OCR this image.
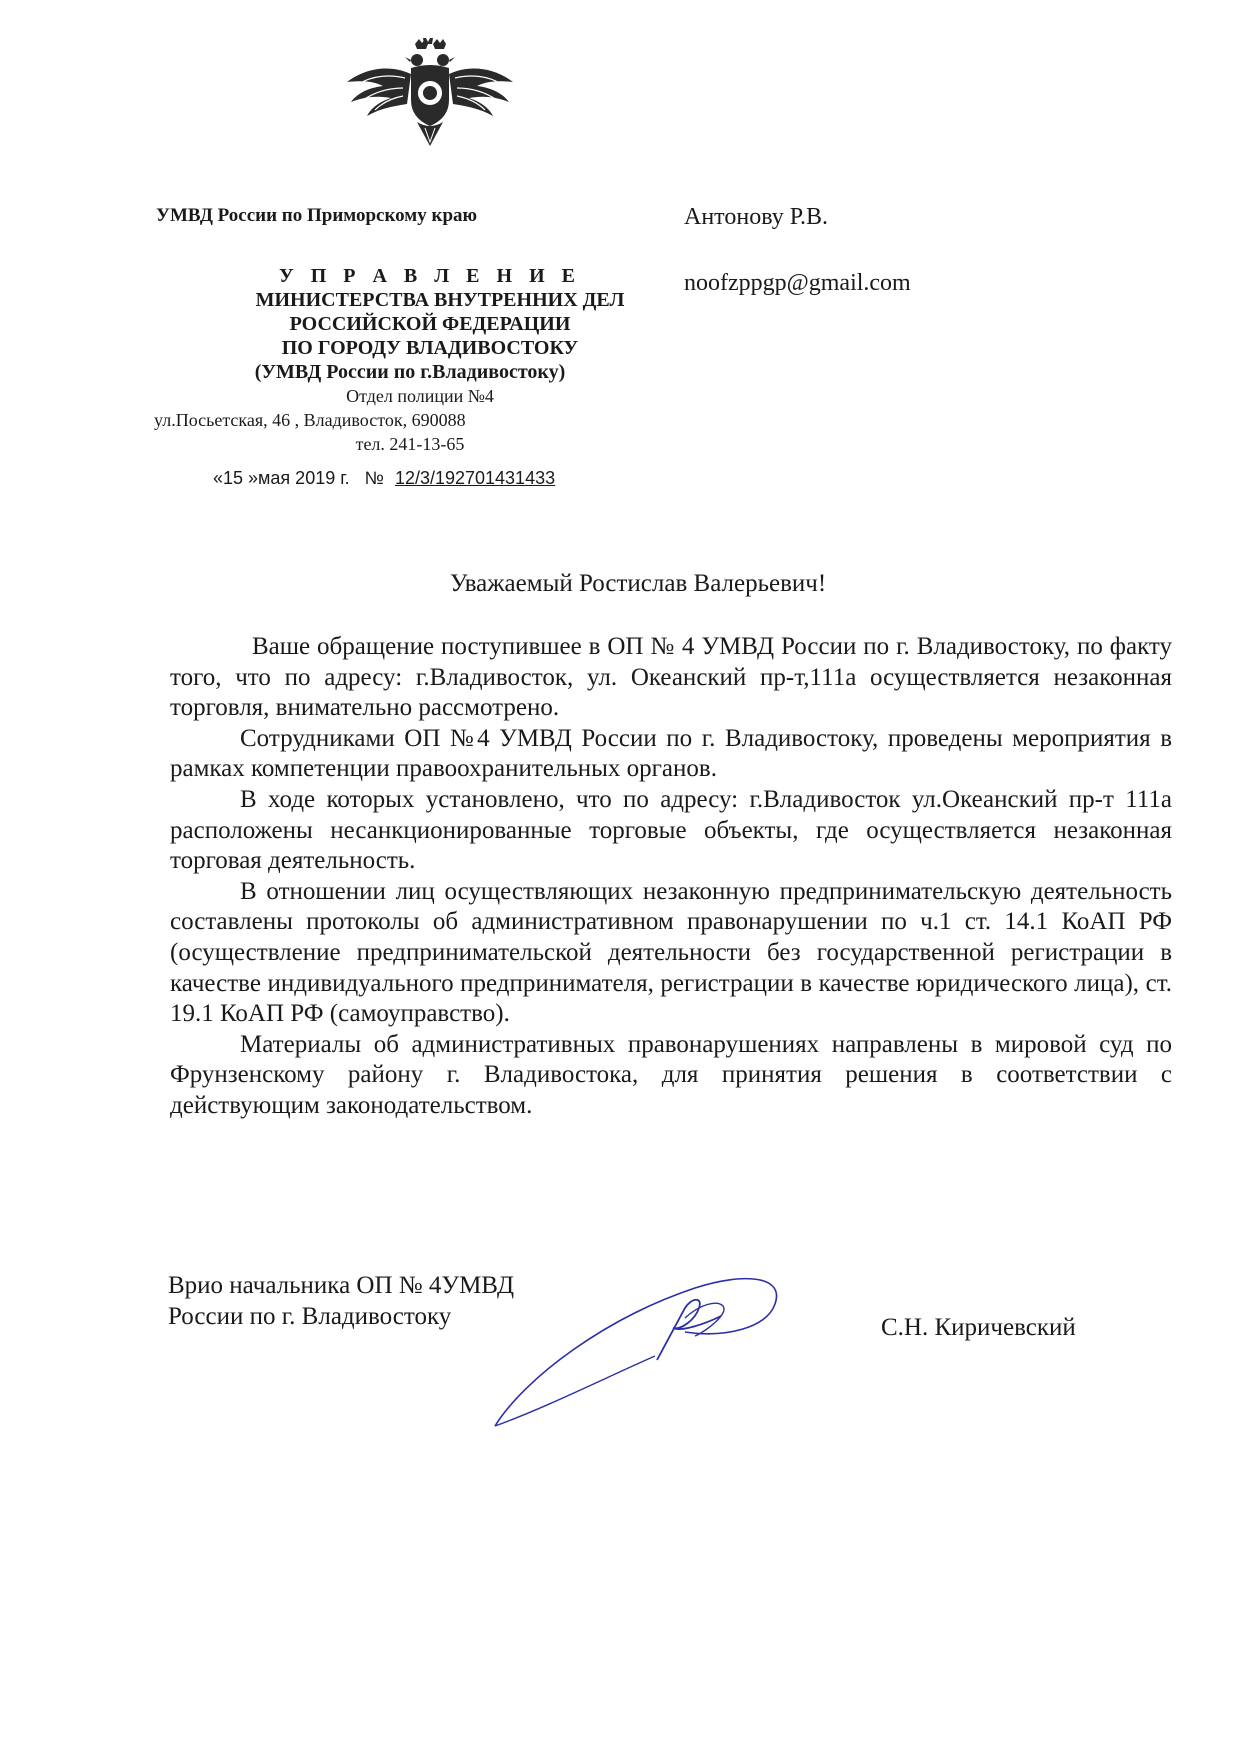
УМВД России по Приморскому краю
У П Р А В Л Е Н И Е
МИНИСТЕРСТВА ВНУТРЕННИХ ДЕЛ
РОССИЙСКОЙ ФЕДЕРАЦИИ
ПО ГОРОДУ ВЛАДИВОСТОКУ
(УМВД России по г.Владивостоку)
Отдел полиции №4
ул.Посьетская, 46 , Владивосток, 690088
тел. 241-13-65
«15 »мая 2019 г. № 12/3/192701431433
Антонову Р.В.
noofzppgp@gmail.com
Уважаемый Ростислав Валерьевич!

Ваше обращение поступившее в ОП № 4 УМВД России по г. Владивостоку, по факту того, что по адресу: г.Владивосток, ул. Океанский пр-т,111а осуществляется незаконная торговля, внимательно рассмотрено.

Сотрудниками ОП №4 УМВД России по г. Владивостоку, проведены мероприятия в рамках компетенции правоохранительных органов.

В ходе которых установлено, что по адресу: г.Владивосток ул.Океанский пр-т 111а расположены несанкционированные торговые объекты, где осуществляется незаконная торговая деятельность.

В отношении лиц осуществляющих незаконную предпринимательскую деятельность составлены протоколы об административном правонарушении по ч.1 ст. 14.1 КоАП РФ (осуществление предпринимательской деятельности без государственной регистрации в качестве индивидуального предпринимателя, регистрации в качестве юридического лица), ст. 19.1 КоАП РФ (самоуправство).

Материалы об административных правонарушениях направлены в мировой суд по Фрунзенскому району г. Владивостока, для принятия решения в соответствии с действующим законодательством.

Врио начальника ОП № 4УМВД
России по г. Владивостоку	С.Н. Киричевский
